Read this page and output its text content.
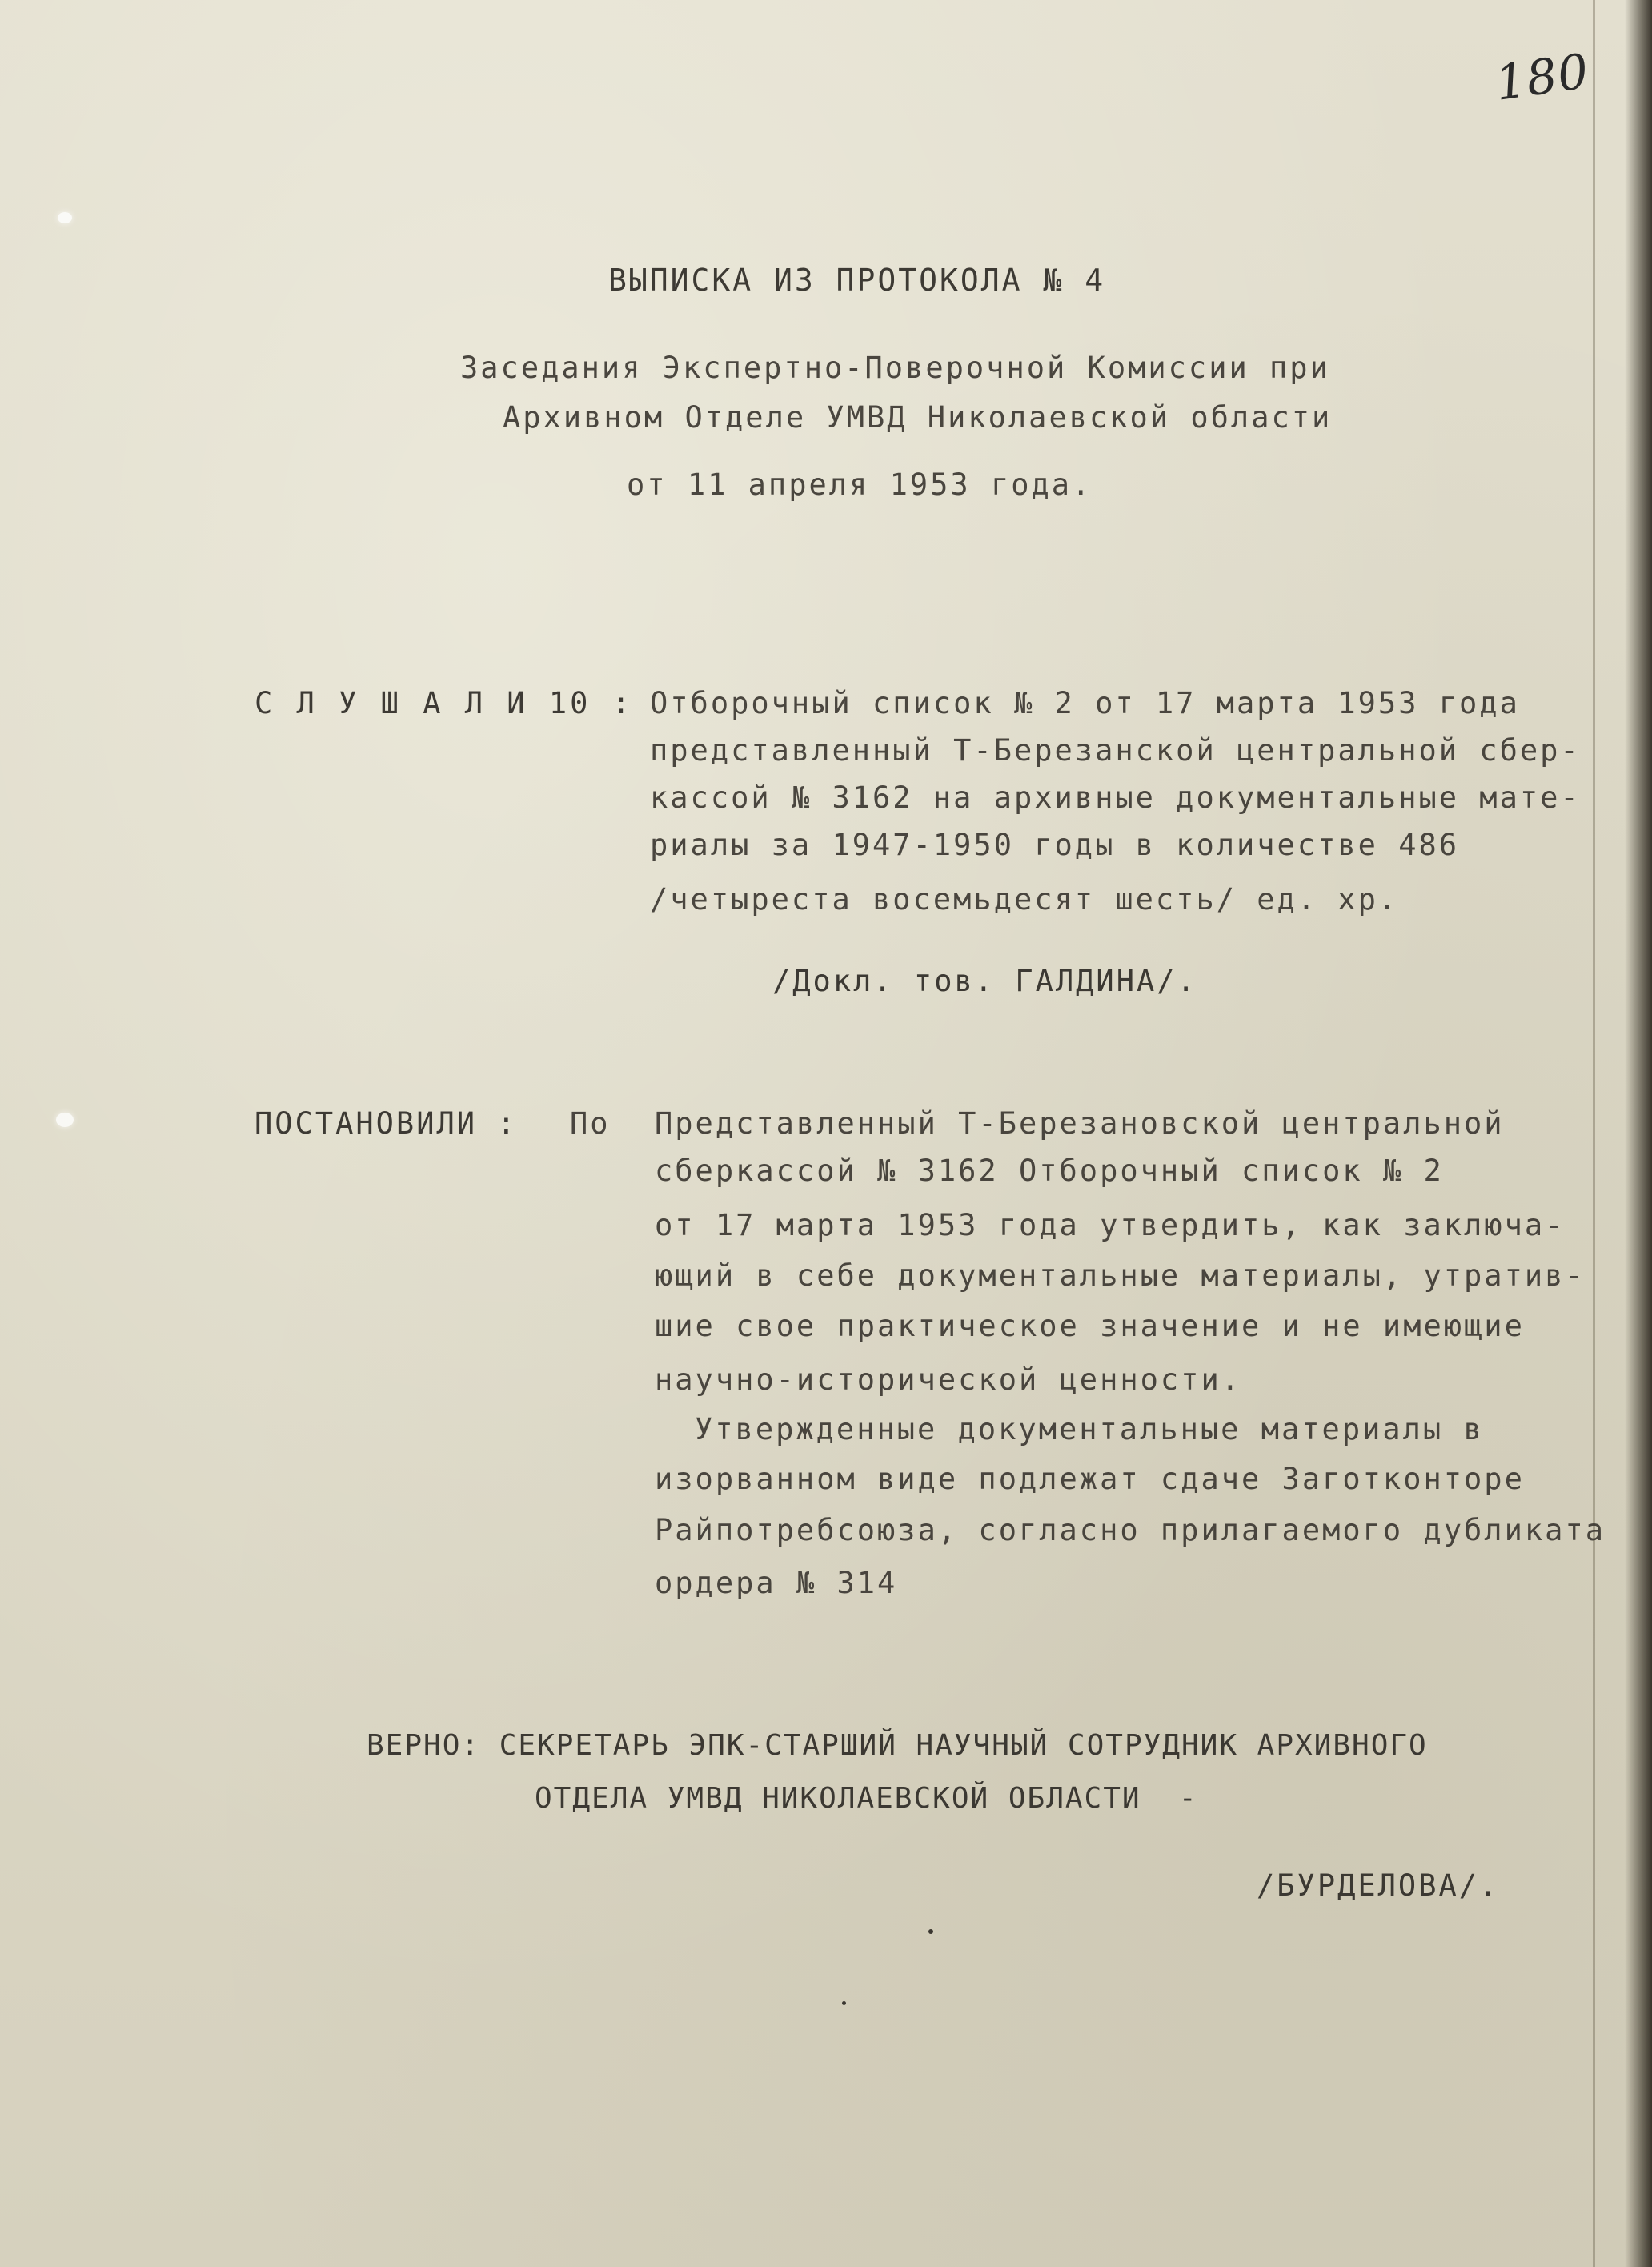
180

ВЫПИСКА ИЗ ПРОТОКОЛА № 4

Заседания Экспертно-Поверочной Комиссии при

Архивном Отделе УМВД Николаевской области

от 11 апреля 1953 года.

С Л У Ш А Л И 10 : Отборочный список № 2 от 17 марта 1953 года

представленный Т-Березанской центральной сбер-

кассой № 3162 на архивные документальные мате-

риалы за 1947-1950 годы в количестве 486

/четыреста восемьдесят шесть/ ед. хр.

/Докл. тов. ГАЛДИНА/.

ПОСТАНОВИЛИ : По Представленный Т-Березановской центральной

сберкассой № 3162 Отборочный список № 2

от 17 марта 1953 года утвердить, как заключа-

ющий в себе документальные материалы, утратив-

шие свое практическое значение и не имеющие

научно-исторической ценности.

Утвержденные документальные материалы в

изорванном виде подлежат сдаче Заготконторе

Райпотребсоюза, согласно прилагаемого дубликата

ордера № 314

ВЕРНО: СЕКРЕТАРЬ ЭПК-СТАРШИЙ НАУЧНЫЙ СОТРУДНИК АРХИВНОГО

ОТДЕЛА УМВД НИКОЛАЕВСКОЙ ОБЛАСТИ  -

/БУРДЕЛОВА/.
